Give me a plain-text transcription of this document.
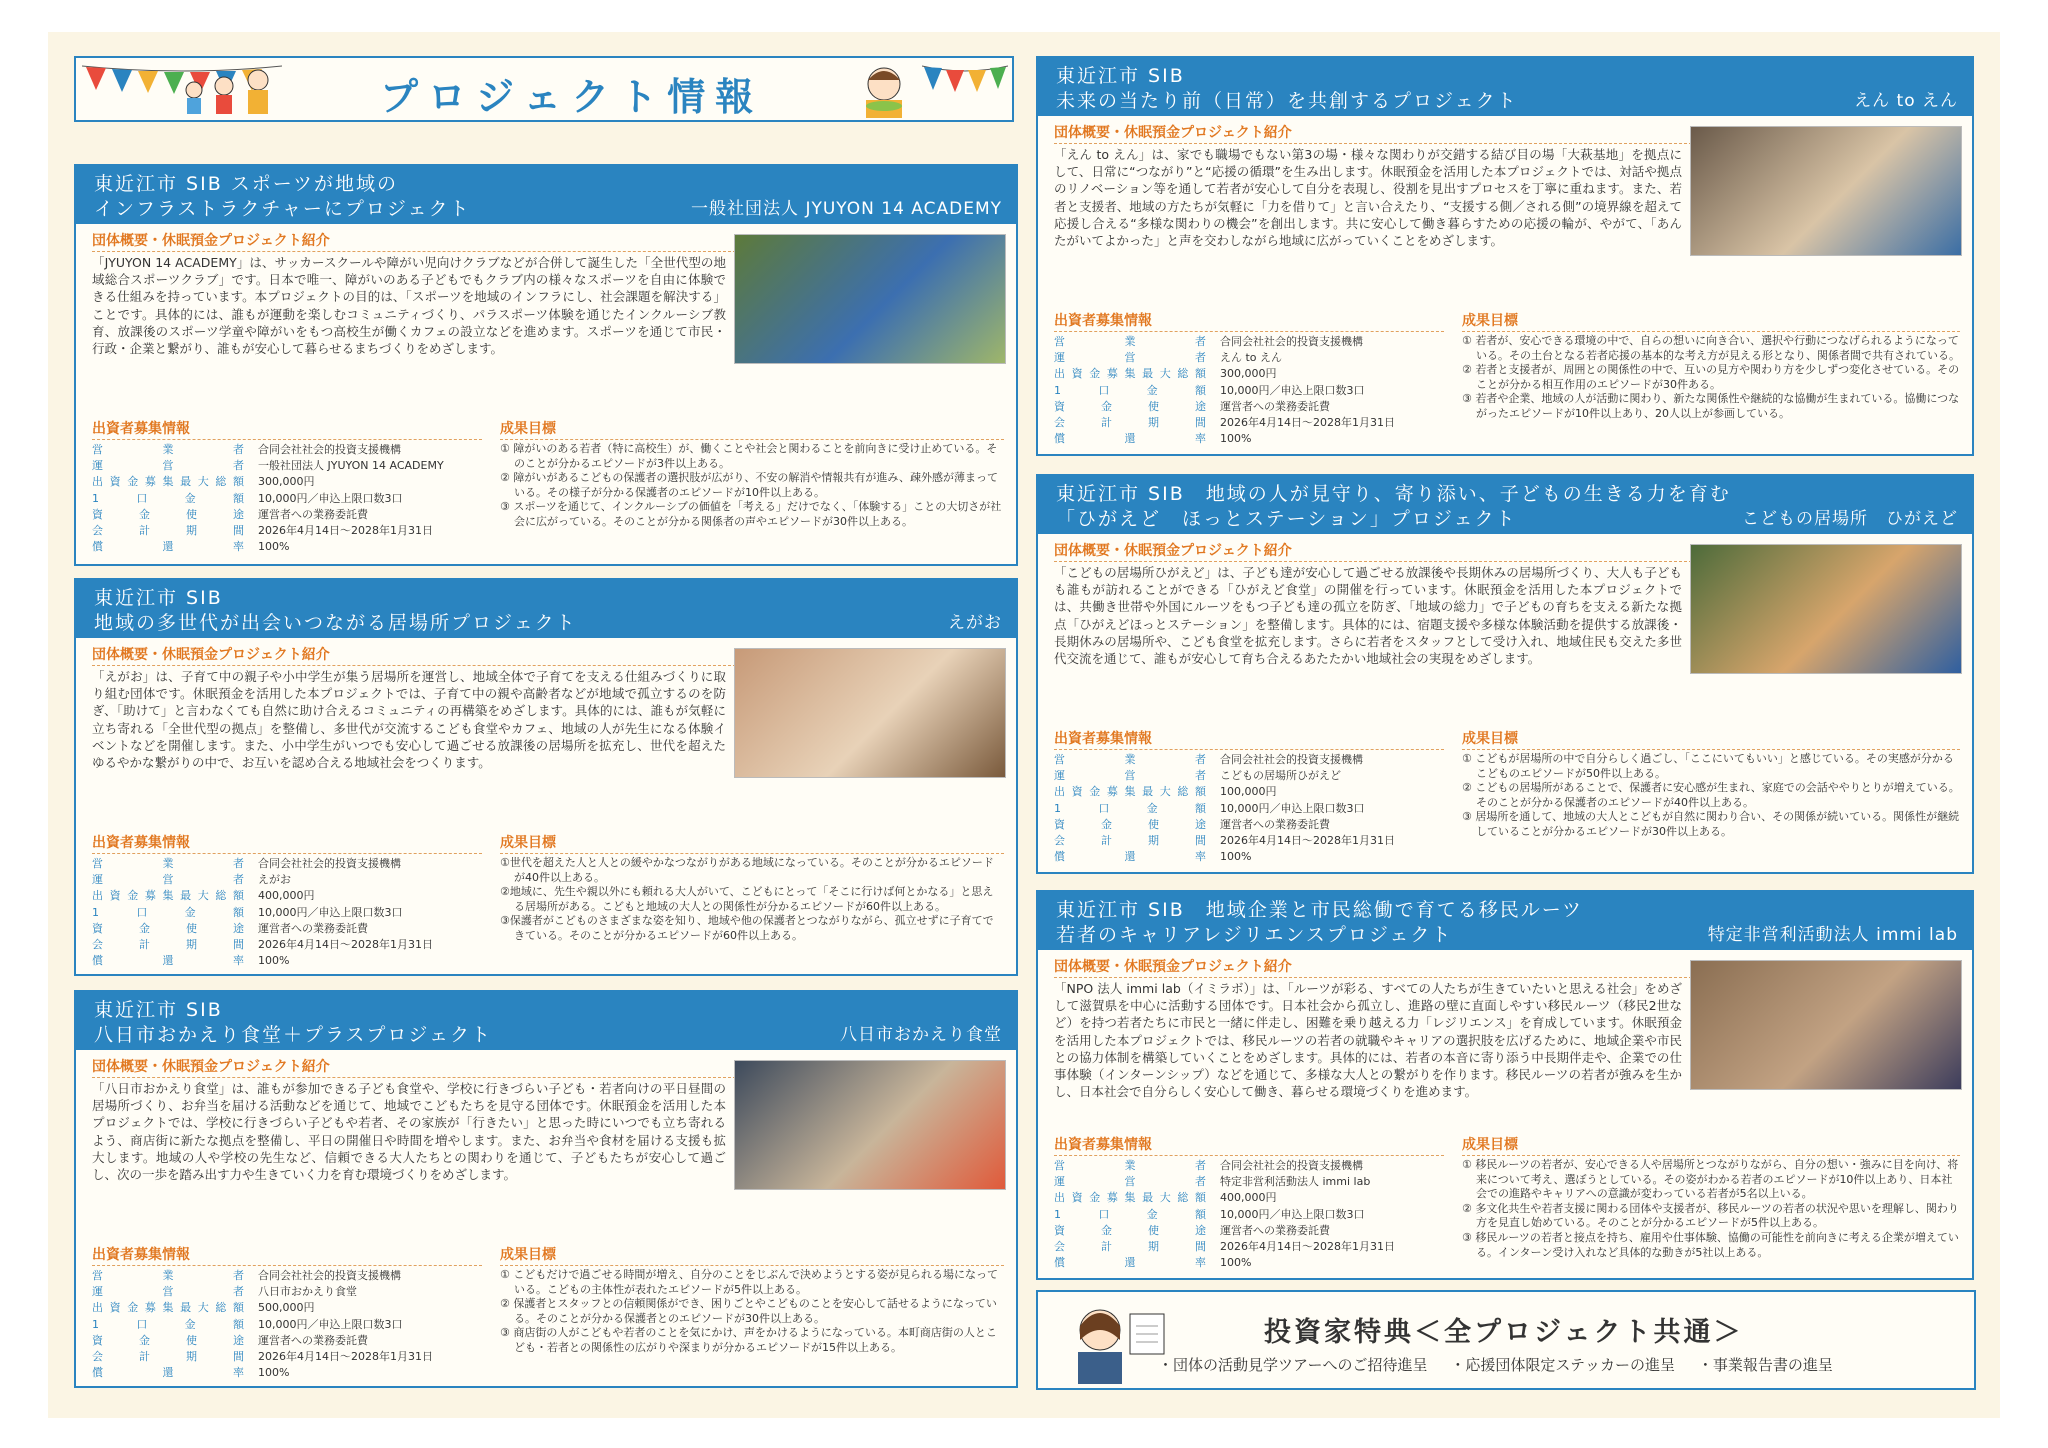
プロジェクト情報
東近江市 SIB スポーツが地域の
インフラストラクチャーにプロジェクト	一般社団法人 JYUYON 14 ACADEMY
団体概要・休眠預金プロジェクト紹介
「JYUYON 14 ACADEMY」は、サッカースクールや障がい児向けクラブなどが合併して誕生した「全世代型の地域総合スポーツクラブ」です。日本で唯一、障がいのある子どもでもクラブ内の様々なスポーツを自由に体験できる仕組みを持っています。本プロジェクトの目的は、「スポーツを地域のインフラにし、社会課題を解決する」ことです。具体的には、誰もが運動を楽しむコミュニティづくり、パラスポーツ体験を通じたインクルーシブ教育、放課後のスポーツ学童や障がいをもつ高校生が働くカフェの設立などを進めます。スポーツを通じて市民・行政・企業と繋がり、誰もが安心して暮らせるまちづくりをめざします。
出資者募集情報
営業者	合同会社社会的投資支援機構
運営者	一般社団法人 JYUYON 14 ACADEMY
出資金募集最大総額	300,000円
1口金額	10,000円／申込上限口数3口
資金使途	運営者への業務委託費
会計期間	2026年4月14日〜2028年1月31日
償還率	100%
成果目標
① 障がいのある若者（特に高校生）が、働くことや社会と関わることを前向きに受け止めている。そのことが分かるエピソードが3件以上ある。
② 障がいがあるこどもの保護者の選択肢が広がり、不安の解消や情報共有が進み、疎外感が薄まっている。その様子が分かる保護者のエピソードが10件以上ある。
③ スポーツを通じて、インクルーシブの価値を「考える」だけでなく、「体験する」ことの大切さが社会に広がっている。そのことが分かる関係者の声やエピソードが30件以上ある。
東近江市 SIB
地域の多世代が出会いつながる居場所プロジェクト	えがお
団体概要・休眠預金プロジェクト紹介
「えがお」は、子育て中の親子や小中学生が集う居場所を運営し、地域全体で子育てを支える仕組みづくりに取り組む団体です。休眠預金を活用した本プロジェクトでは、子育て中の親や高齢者などが地域で孤立するのを防ぎ、「助けて」と言わなくても自然に助け合えるコミュニティの再構築をめざします。具体的には、誰もが気軽に立ち寄れる「全世代型の拠点」を整備し、多世代が交流するこども食堂やカフェ、地域の人が先生になる体験イベントなどを開催します。また、小中学生がいつでも安心して過ごせる放課後の居場所を拡充し、世代を超えたゆるやかな繋がりの中で、お互いを認め合える地域社会をつくります。
出資者募集情報
営業者	合同会社社会的投資支援機構
運営者	えがお
出資金募集最大総額	400,000円
1口金額	10,000円／申込上限口数3口
資金使途	運営者への業務委託費
会計期間	2026年4月14日〜2028年1月31日
償還率	100%
成果目標
①世代を超えた人と人との緩やかなつながりがある地域になっている。そのことが分かるエピソードが40件以上ある。
②地域に、先生や親以外にも頼れる大人がいて、こどもにとって「そこに行けば何とかなる」と思える居場所がある。こどもと地域の大人との関係性が分かるエピソードが60件以上ある。
③保護者がこどものさまざまな姿を知り、地域や他の保護者とつながりながら、孤立せずに子育てできている。そのことが分かるエピソードが60件以上ある。
東近江市 SIB
八日市おかえり食堂＋プラスプロジェクト	八日市おかえり食堂
団体概要・休眠預金プロジェクト紹介
「八日市おかえり食堂」は、誰もが参加できる子ども食堂や、学校に行きづらい子ども・若者向けの平日昼間の居場所づくり、お弁当を届ける活動などを通じて、地域でこどもたちを見守る団体です。休眠預金を活用した本プロジェクトでは、学校に行きづらい子どもや若者、その家族が「行きたい」と思った時にいつでも立ち寄れるよう、商店街に新たな拠点を整備し、平日の開催日や時間を増やします。また、お弁当や食材を届ける支援も拡大します。地域の人や学校の先生など、信頼できる大人たちとの関わりを通じて、子どもたちが安心して過ごし、次の一歩を踏み出す力や生きていく力を育む環境づくりをめざします。
出資者募集情報
営業者	合同会社社会的投資支援機構
運営者	八日市おかえり食堂
出資金募集最大総額	500,000円
1口金額	10,000円／申込上限口数3口
資金使途	運営者への業務委託費
会計期間	2026年4月14日〜2028年1月31日
償還率	100%
成果目標
① こどもだけで過ごせる時間が増え、自分のことをじぶんで決めようとする姿が見られる場になっている。こどもの主体性が表れたエピソードが5件以上ある。
② 保護者とスタッフとの信頼関係ができ、困りごとやこどものことを安心して話せるようになっている。そのことが分かる保護者とのエピソードが30件以上ある。
③ 商店街の人がこどもや若者のことを気にかけ、声をかけるようになっている。本町商店街の人とこども・若者との関係性の広がりや深まりが分かるエピソードが15件以上ある。
東近江市 SIB
未来の当たり前（日常）を共創するプロジェクト	えん to えん
団体概要・休眠預金プロジェクト紹介
「えん to えん」は、家でも職場でもない第3の場・様々な関わりが交錯する結び目の場「大萩基地」を拠点にして、日常に“つながり”と“応援の循環”を生み出します。休眠預金を活用した本プロジェクトでは、対話や拠点のリノベーション等を通して若者が安心して自分を表現し、役割を見出すプロセスを丁寧に重ねます。また、若者と支援者、地域の方たちが気軽に「力を借りて」と言い合えたり、“支援する側／される側”の境界線を超えて応援し合える“多様な関わりの機会”を創出します。共に安心して働き暮らすための応援の輪が、やがて、「あんたがいてよかった」と声を交わしながら地域に広がっていくことをめざします。
出資者募集情報
営業者	合同会社社会的投資支援機構
運営者	えん to えん
出資金募集最大総額	300,000円
1口金額	10,000円／申込上限口数3口
資金使途	運営者への業務委託費
会計期間	2026年4月14日〜2028年1月31日
償還率	100%
成果目標
① 若者が、安心できる環境の中で、自らの想いに向き合い、選択や行動につなげられるようになっている。その土台となる若者応援の基本的な考え方が見える形となり、関係者間で共有されている。
② 若者と支援者が、周囲との関係性の中で、互いの見方や関わり方を少しずつ変化させている。そのことが分かる相互作用のエピソードが30件ある。
③ 若者や企業、地域の人が活動に関わり、新たな関係性や継続的な協働が生まれている。協働につながったエピソードが10件以上あり、20人以上が参画している。
東近江市 SIB　地域の人が見守り、寄り添い、子どもの生きる力を育む
「ひがえど　ほっとステーション」プロジェクト	こどもの居場所　ひがえど
団体概要・休眠預金プロジェクト紹介
「こどもの居場所ひがえど」は、子ども達が安心して過ごせる放課後や長期休みの居場所づくり、大人も子どもも誰もが訪れることができる「ひがえど食堂」の開催を行っています。休眠預金を活用した本プロジェクトでは、共働き世帯や外国にルーツをもつ子ども達の孤立を防ぎ、「地域の総力」で子どもの育ちを支える新たな拠点「ひがえどほっとステーション」を整備します。具体的には、宿題支援や多様な体験活動を提供する放課後・長期休みの居場所や、こども食堂を拡充します。さらに若者をスタッフとして受け入れ、地域住民も交えた多世代交流を通じて、誰もが安心して育ち合えるあたたかい地域社会の実現をめざします。
出資者募集情報
営業者	合同会社社会的投資支援機構
運営者	こどもの居場所ひがえど
出資金募集最大総額	100,000円
1口金額	10,000円／申込上限口数3口
資金使途	運営者への業務委託費
会計期間	2026年4月14日〜2028年1月31日
償還率	100%
成果目標
① こどもが居場所の中で自分らしく過ごし、「ここにいてもいい」と感じている。その実感が分かるこどものエピソードが50件以上ある。
② こどもの居場所があることで、保護者に安心感が生まれ、家庭での会話ややりとりが増えている。そのことが分かる保護者のエピソードが40件以上ある。
③ 居場所を通して、地域の大人とこどもが自然に関わり合い、その関係が続いている。関係性が継続していることが分かるエピソードが30件以上ある。
東近江市 SIB　地域企業と市民総働で育てる移民ルーツ
若者のキャリアレジリエンスプロジェクト	特定非営利活動法人 immi lab
団体概要・休眠預金プロジェクト紹介
「NPO 法人 immi lab（イミラボ）」は、「ルーツが彩る、すべての人たちが生きていたいと思える社会」をめざして滋賀県を中心に活動する団体です。日本社会から孤立し、進路の壁に直面しやすい移民ルーツ（移民2世など）を持つ若者たちに市民と一緒に伴走し、困難を乗り越える力「レジリエンス」を育成しています。休眠預金を活用した本プロジェクトでは、移民ルーツの若者の就職やキャリアの選択肢を広げるために、地域企業や市民との協力体制を構築していくことをめざします。具体的には、若者の本音に寄り添う中長期伴走や、企業での仕事体験（インターンシップ）などを通じて、多様な大人との繋がりを作ります。移民ルーツの若者が強みを生かし、日本社会で自分らしく安心して働き、暮らせる環境づくりを進めます。
出資者募集情報
営業者	合同会社社会的投資支援機構
運営者	特定非営利活動法人 immi lab
出資金募集最大総額	400,000円
1口金額	10,000円／申込上限口数3口
資金使途	運営者への業務委託費
会計期間	2026年4月14日〜2028年1月31日
償還率	100%
成果目標
① 移民ルーツの若者が、安心できる人や居場所とつながりながら、自分の想い・強みに目を向け、将来について考え、選ぼうとしている。その姿がわかる若者のエピソードが10件以上あり、日本社会での進路やキャリアへの意識が変わっている若者が5名以上いる。
② 多文化共生や若者支援に関わる団体や支援者が、移民ルーツの若者の状況や思いを理解し、関わり方を見直し始めている。そのことが分かるエピソードが5件以上ある。
③ 移民ルーツの若者と接点を持ち、雇用や仕事体験、協働の可能性を前向きに考える企業が増えている。インターン受け入れなど具体的な動きが5社以上ある。
投資家特典＜全プロジェクト共通＞
・団体の活動見学ツアーへのご招待進呈 ・応援団体限定ステッカーの進呈 ・事業報告書の進呈
